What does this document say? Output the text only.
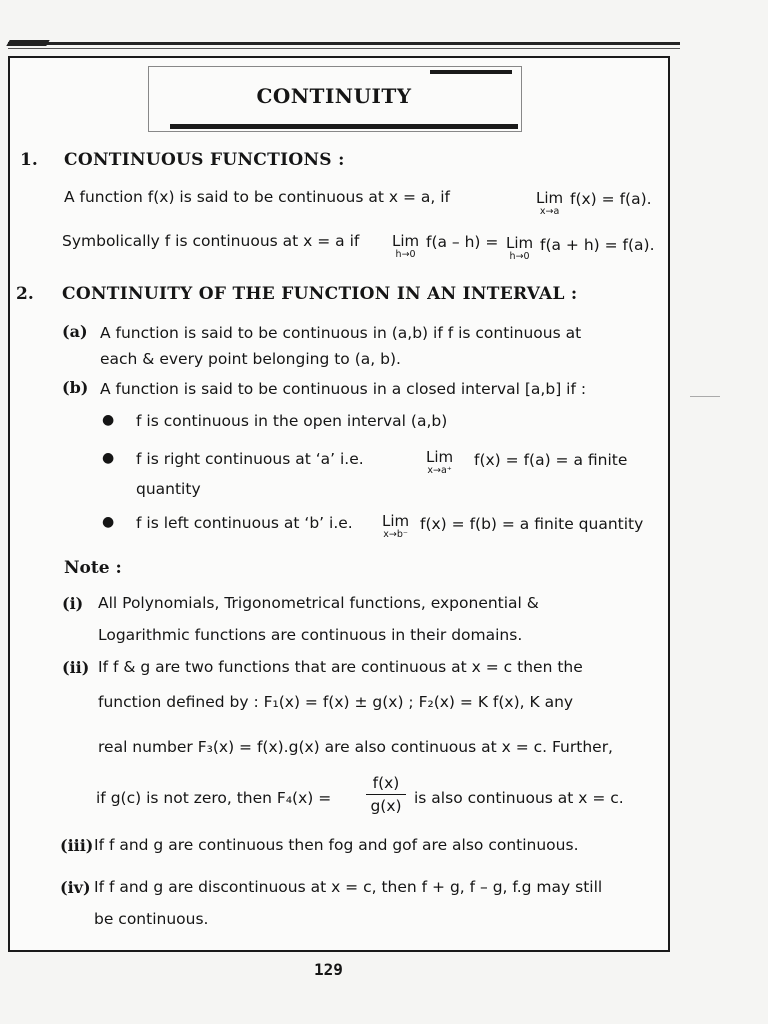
CONTINUITY
1. CONTINUOUS FUNCTIONS :
A function f(x) is said to be continuous at x = a, if	Lim
x→a
f(x) = f(a).
Symbolically f is continuous at x = a if Lim
h→0
f(a – h) = Lim
h→0
f(a + h) = f(a).
2. CONTINUITY OF THE FUNCTION IN AN INTERVAL :
(a) A function is said to be continuous in (a,b) if f is continuous at
each & every point belonging to (a, b).
(b) A function is said to be continuous in a closed interval [a,b] if :
● f is continuous in the open interval (a,b)
● f is right continuous at ‘a’ i.e.	Lim
x→a⁺
f(x) = f(a) = a finite
quantity
● f is left continuous at ‘b’ i.e. Lim
x→b⁻
f(x) = f(b) = a finite quantity
Note :
(i) All Polynomials, Trigonometrical functions, exponential &
Logarithmic functions are continuous in their domains.
(ii) If f & g are two functions that are continuous at x = c then the
function defined by : F₁(x) = f(x) ± g(x) ; F₂(x) = K f(x), K any
real number F₃(x) = f(x).g(x) are also continuous at x = c. Further,
if g(c) is not zero, then F₄(x) =
f(x)
g(x) is also continuous at x = c.
(iii) If f and g are continuous then fog and gof are also continuous.
(iv) If f and g are discontinuous at x = c, then f + g, f – g, f.g may still
be continuous.
129
